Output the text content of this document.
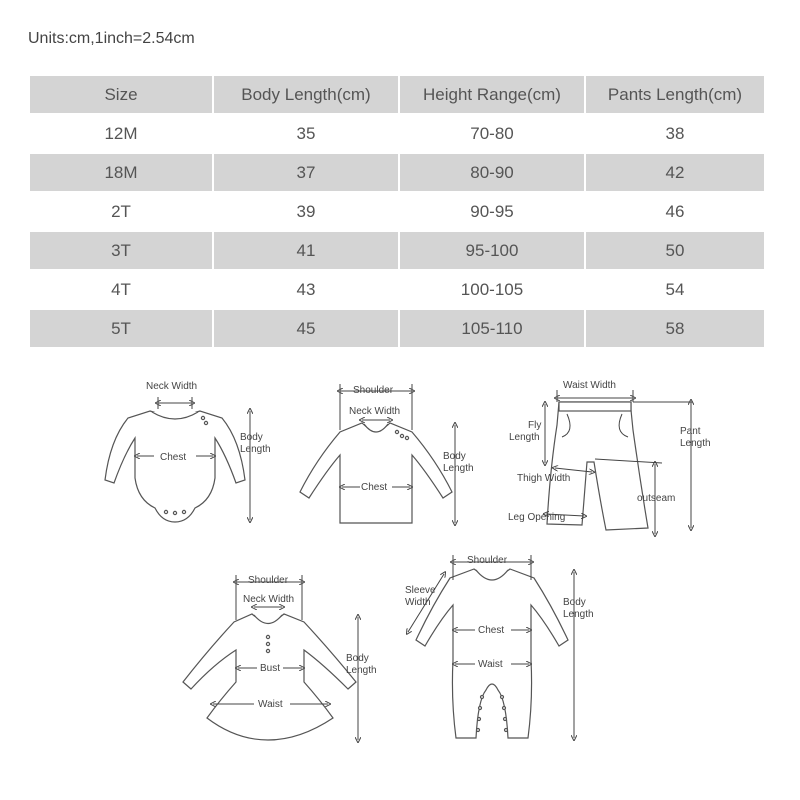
Units:cm,1inch=2.54cm
Size	Body Length(cm)	Height Range(cm)	Pants Length(cm)
12M	35	70-80	38
18M	37	80-90	42
2T	39	90-95	46
3T	41	95-100	50
4T	43	100-105	54
5T	45	105-110	58
Neck Width
Chest
Body
Length
Shoulder
Neck Width
Chest
Body
Length
Waist Width
Fly
Length
Pant
Length
Thigh Width
outseam
Leg Opening
Shoulder
Neck Width
Bust
Waist
Body
Length
Shoulder
Sleeve
Width
Chest
Waist
Body
Length
